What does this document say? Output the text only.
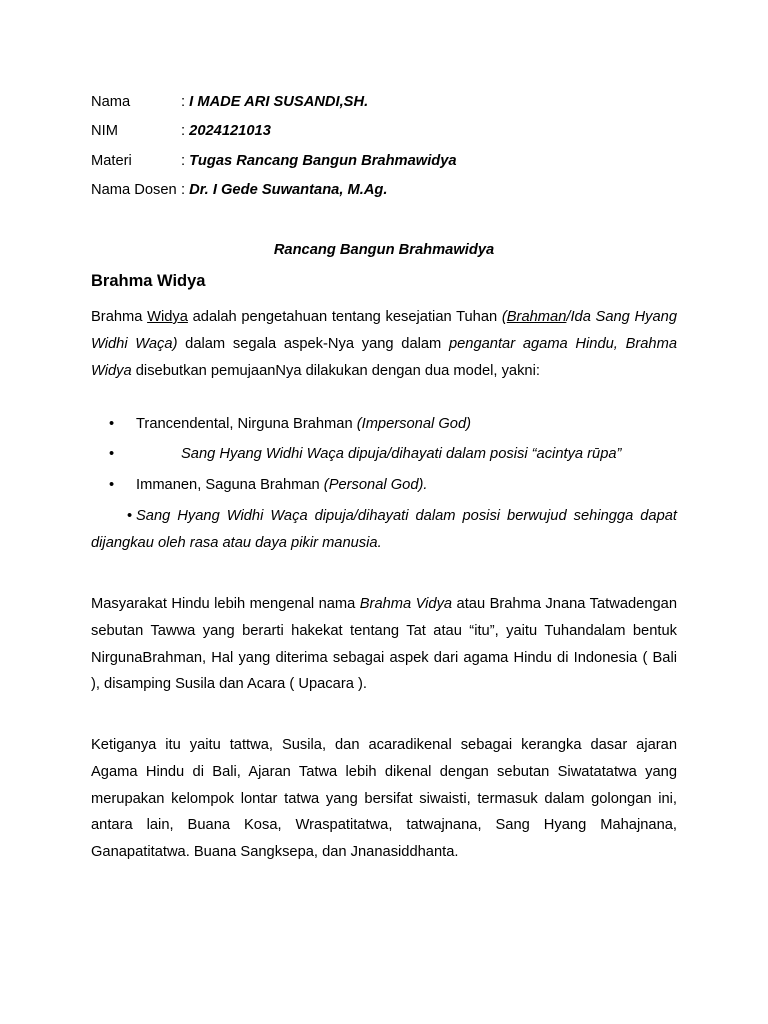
Nama	: I MADE ARI SUSANDI,SH.
NIM	: 2024121013
Materi	: Tugas Rancang Bangun Brahmawidya
Nama Dosen : Dr. I Gede Suwantana, M.Ag.
Rancang Bangun Brahmawidya
Brahma Widya
Brahma Widya adalah pengetahuan tentang kesejatian Tuhan (Brahman/Ida Sang Hyang Widhi Waça) dalam segala aspek-Nya yang dalam pengantar agama Hindu, Brahma Widya disebutkan pemujaanNya dilakukan dengan dua model, yakni:
• Trancendental, Nirguna Brahman (Impersonal God)
•	Sang Hyang Widhi Waça dipuja/dihayati dalam posisi “acintya rūpa”
• Immanen, Saguna Brahman (Personal God).
• Sang Hyang Widhi Waça dipuja/dihayati dalam posisi berwujud sehingga dapat dijangkau oleh rasa atau daya pikir manusia.
Masyarakat Hindu lebih mengenal nama Brahma Vidya atau Brahma Jnana Tatwadengan sebutan Tawwa yang berarti hakekat tentang Tat atau “itu”, yaitu Tuhandalam bentuk NirgunaBrahman, Hal yang diterima sebagai aspek dari agama Hindu di Indonesia ( Bali ), disamping Susila dan Acara ( Upacara ).
Ketiganya itu yaitu tattwa, Susila, dan acaradikenal sebagai kerangka dasar ajaran Agama Hindu di Bali, Ajaran Tatwa lebih dikenal dengan sebutan Siwatatatwa yang merupakan kelompok lontar tatwa yang bersifat siwaisti, termasuk dalam golongan ini, antara lain, Buana Kosa, Wraspatitatwa, tatwajnana, Sang Hyang Mahajnana, Ganapatitatwa. Buana Sangksepa, dan Jnanasiddhanta.
